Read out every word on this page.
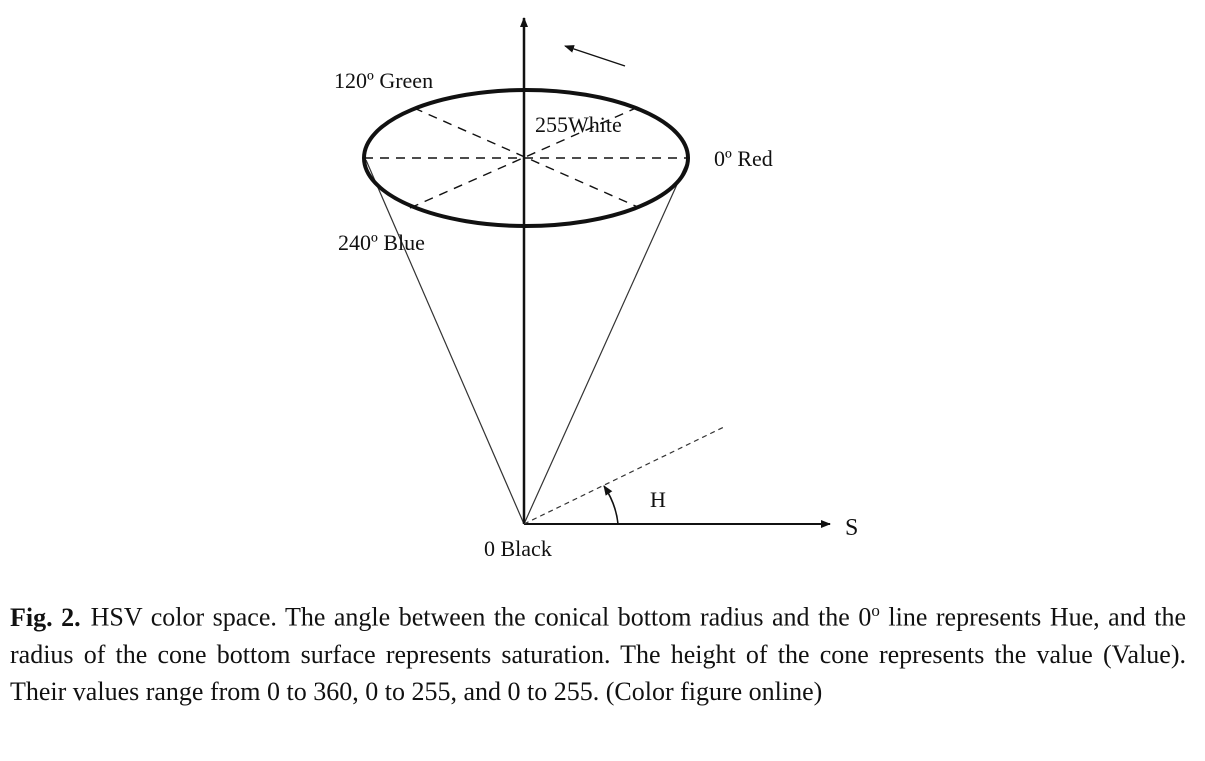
120º Green
255White
0º Red
240º Blue
0 Black
H
S

Fig. 2. HSV color space. The angle between the conical bottom radius and the 0$^o$ line represents Hue, and the radius of the cone bottom surface represents saturation. The height of the cone represents the value (Value). Their values range from 0 to 360, 0 to 255, and 0 to 255. (Color figure online)
